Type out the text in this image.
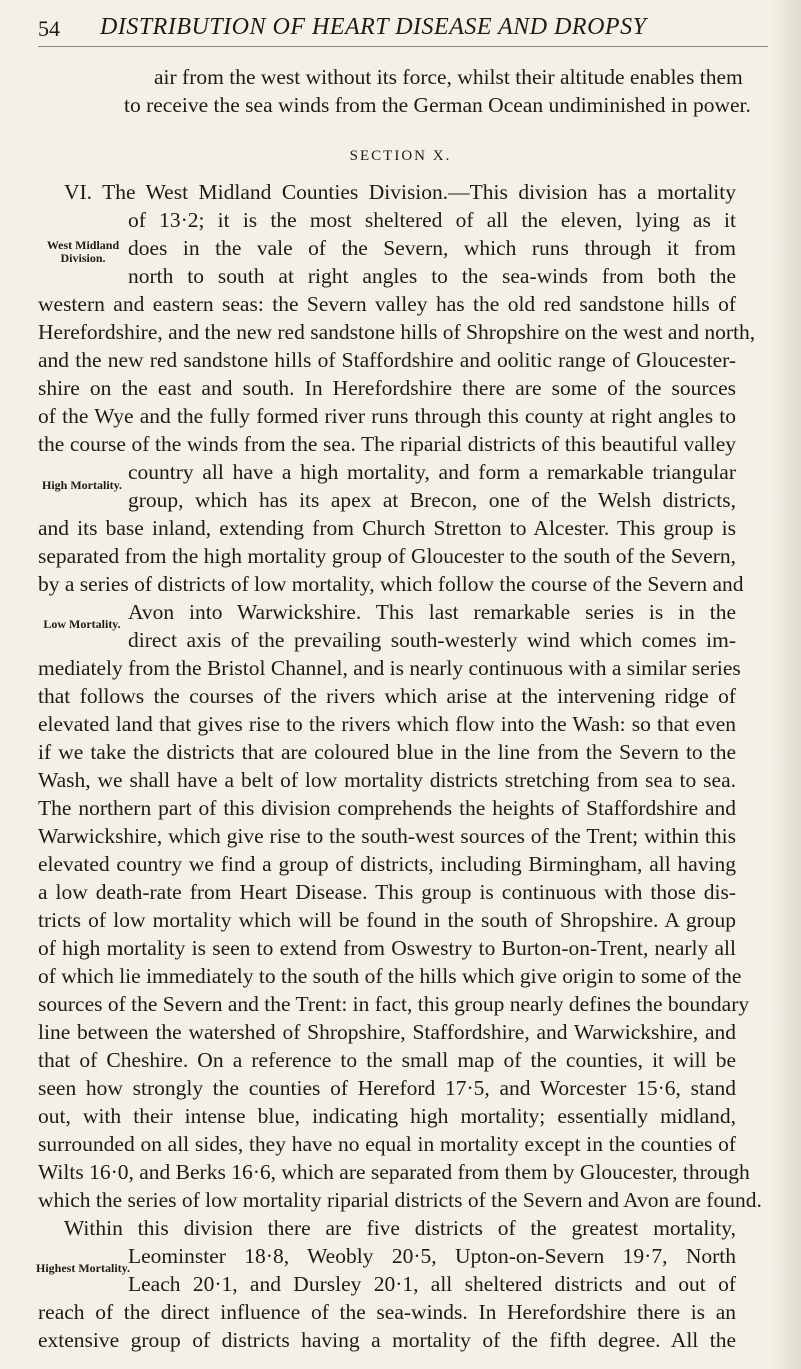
54 DISTRIBUTION OF HEART DISEASE AND DROPSY
air from the west without its force, whilst their altitude enables them
to receive the sea winds from the German Ocean undiminished in power.
SECTION X.
VI. The West Midland Counties Division.—This division has a mortality
of 13·2; it is the most sheltered of all the eleven, lying as it
does in the vale of the Severn, which runs through it from
north to south at right angles to the sea-winds from both the
western and eastern seas: the Severn valley has the old red sandstone hills of
Herefordshire, and the new red sandstone hills of Shropshire on the west and north,
and the new red sandstone hills of Staffordshire and oolitic range of Gloucester-
shire on the east and south. In Herefordshire there are some of the sources
of the Wye and the fully formed river runs through this county at right angles to
the course of the winds from the sea. The riparial districts of this beautiful valley
country all have a high mortality, and form a remarkable triangular
group, which has its apex at Brecon, one of the Welsh districts,
and its base inland, extending from Church Stretton to Alcester. This group is
separated from the high mortality group of Gloucester to the south of the Severn,
by a series of districts of low mortality, which follow the course of the Severn and
Avon into Warwickshire. This last remarkable series is in the
direct axis of the prevailing south-westerly wind which comes im-
mediately from the Bristol Channel, and is nearly continuous with a similar series
that follows the courses of the rivers which arise at the intervening ridge of
elevated land that gives rise to the rivers which flow into the Wash: so that even
if we take the districts that are coloured blue in the line from the Severn to the
Wash, we shall have a belt of low mortality districts stretching from sea to sea.
The northern part of this division comprehends the heights of Staffordshire and
Warwickshire, which give rise to the south-west sources of the Trent; within this
elevated country we find a group of districts, including Birmingham, all having
a low death-rate from Heart Disease. This group is continuous with those dis-
tricts of low mortality which will be found in the south of Shropshire. A group
of high mortality is seen to extend from Oswestry to Burton-on-Trent, nearly all
of which lie immediately to the south of the hills which give origin to some of the
sources of the Severn and the Trent: in fact, this group nearly defines the boundary
line between the watershed of Shropshire, Staffordshire, and Warwickshire, and
that of Cheshire. On a reference to the small map of the counties, it will be
seen how strongly the counties of Hereford 17·5, and Worcester 15·6, stand
out, with their intense blue, indicating high mortality; essentially midland,
surrounded on all sides, they have no equal in mortality except in the counties of
Wilts 16·0, and Berks 16·6, which are separated from them by Gloucester, through
which the series of low mortality riparial districts of the Severn and Avon are found.
Within this division there are five districts of the greatest mortality,
Leominster 18·8, Weobly 20·5, Upton-on-Severn 19·7, North
Leach 20·1, and Dursley 20·1, all sheltered districts and out of
reach of the direct influence of the sea-winds. In Herefordshire there is an
extensive group of districts having a mortality of the fifth degree. All the
West Midland Division.
High Mortality.
Low Mortality.
Highest Mortality.
